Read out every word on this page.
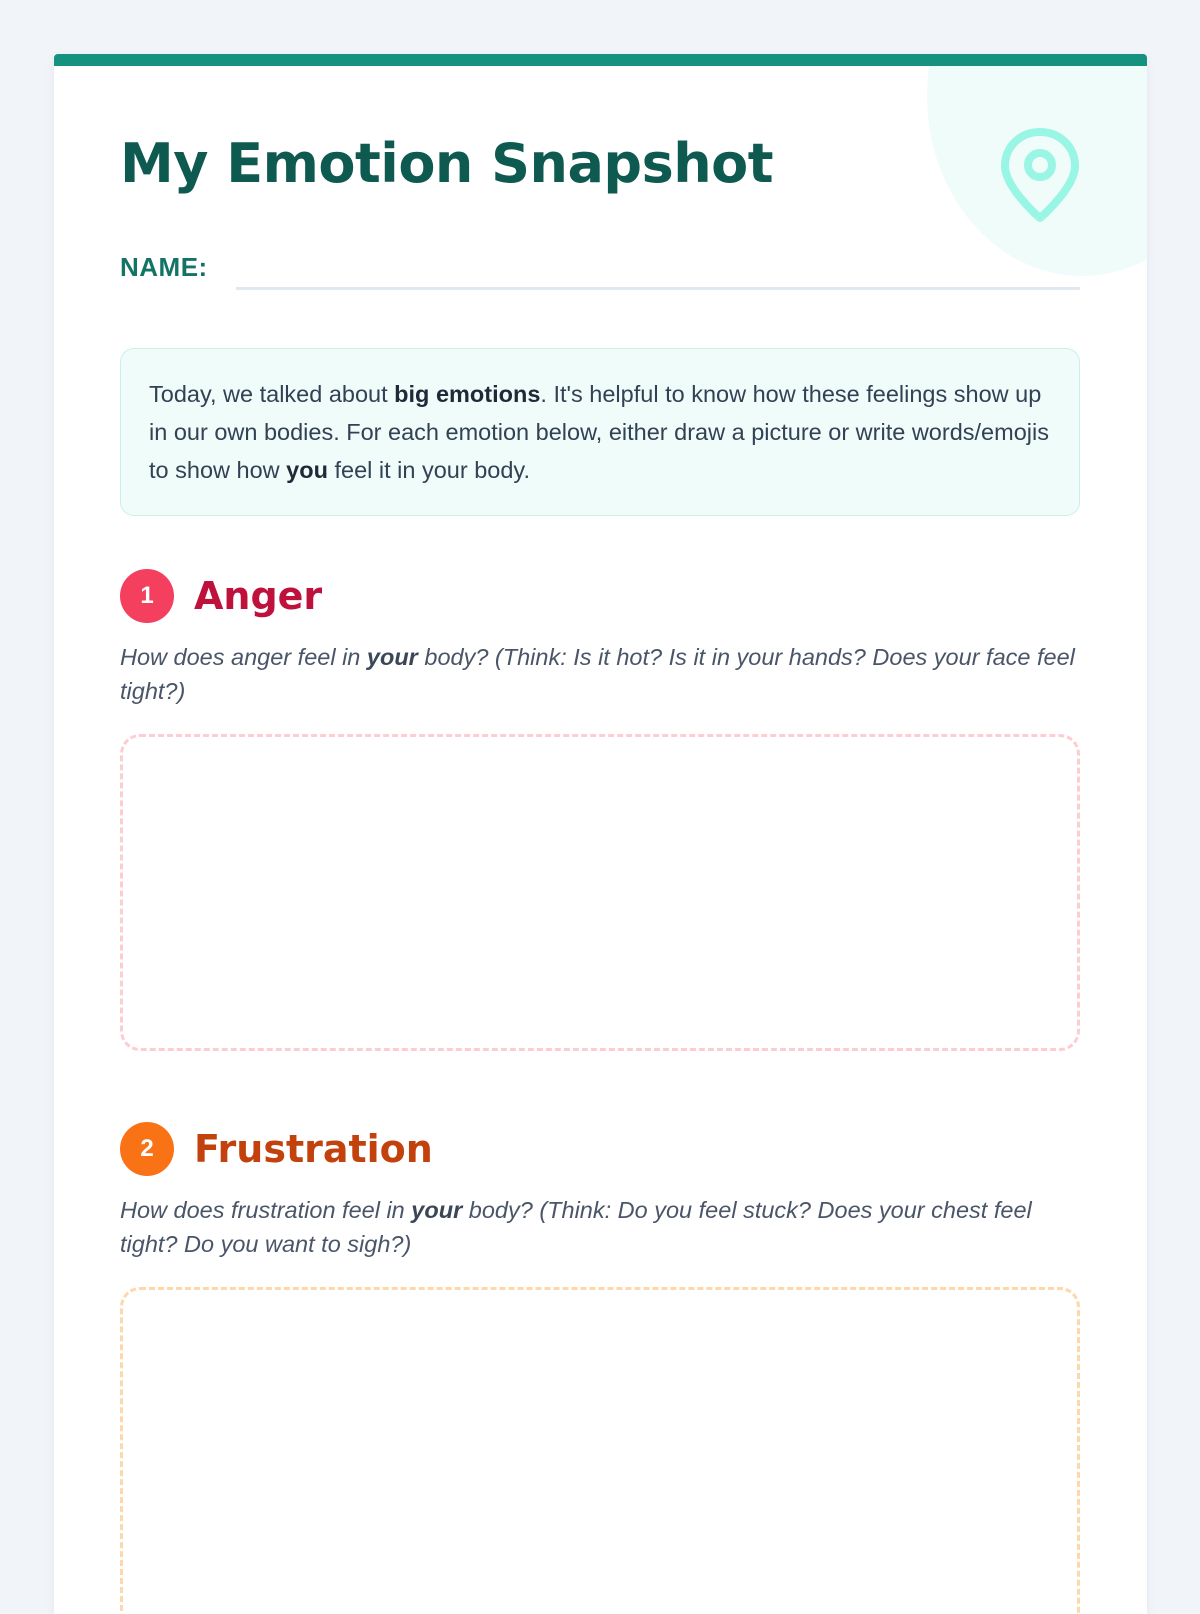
My Emotion Snapshot
NAME:
Today, we talked about big emotions. It's helpful to know how these feelings show up in our own bodies. For each emotion below, either draw a picture or write words/emojis to show how you feel it in your body.
1	Anger
How does anger feel in your body? (Think: Is it hot? Is it in your hands? Does your face feel tight?)
2	Frustration
How does frustration feel in your body? (Think: Do you feel stuck? Does your chest feel tight? Do you want to sigh?)
